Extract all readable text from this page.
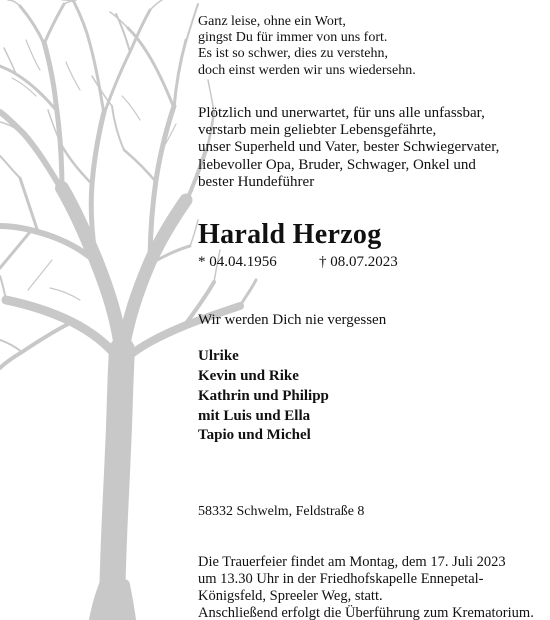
Ganz leise, ohne ein Wort,
gingst Du für immer von uns fort.
Es ist so schwer, dies zu verstehn,
doch einst werden wir uns wiedersehn.
Plötzlich und unerwartet, für uns alle unfassbar,
verstarb mein geliebter Lebensgefährte,
unser Superheld und Vater, bester Schwiegervater,
liebevoller Opa, Bruder, Schwager, Onkel und
bester Hundeführer
Harald Herzog
* 04.04.1956	† 08.07.2023
Wir werden Dich nie vergessen
Ulrike
Kevin und Rike
Kathrin und Philipp
mit Luis und Ella
Tapio und Michel
58332 Schwelm, Feldstraße 8
Die Trauerfeier findet am Montag, dem 17. Juli 2023
um 13.30 Uhr in der Friedhofskapelle Ennepetal-
Königsfeld, Spreeler Weg, statt.
Anschließend erfolgt die Überführung zum Krematorium.
